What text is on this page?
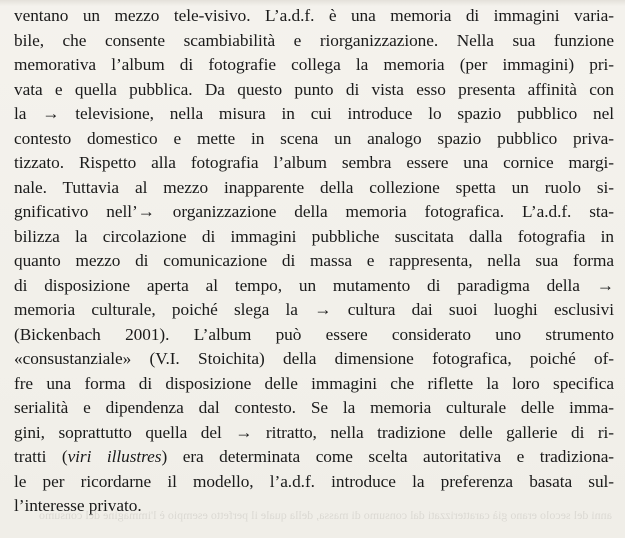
ventano un mezzo tele-visivo. L’a.d.f. è una memoria di immagini varia-
bile, che consente scambiabilità e riorganizzazione. Nella sua funzione
memorativa l’album di fotografie collega la memoria (per immagini) pri-
vata e quella pubblica. Da questo punto di vista esso presenta affinità con
la → televisione, nella misura in cui introduce lo spazio pubblico nel
contesto domestico e mette in scena un analogo spazio pubblico priva-
tizzato. Rispetto alla fotografia l’album sembra essere una cornice margi-
nale. Tuttavia al mezzo inapparente della collezione spetta un ruolo si-
gnificativo nell’→ organizzazione della memoria fotografica. L’a.d.f. sta-
bilizza la circolazione di immagini pubbliche suscitata dalla fotografia in
quanto mezzo di comunicazione di massa e rappresenta, nella sua forma
di disposizione aperta al tempo, un mutamento di paradigma della →
memoria culturale, poiché slega la → cultura dai suoi luoghi esclusivi
(Bickenbach 2001). L’album può essere considerato uno strumento
«consustanziale» (V.I. Stoichita) della dimensione fotografica, poiché of-
fre una forma di disposizione delle immagini che riflette la loro specifica
serialità e dipendenza dal contesto. Se la memoria culturale delle imma-
gini, soprattutto quella del → ritratto, nella tradizione delle gallerie di ri-
tratti (viri illustres) era determinata come scelta autoritativa e tradiziona-
le per ricordarne il modello, l’a.d.f. introduce la preferenza basata sul-
l’interesse privato.
anni del secolo erano già caratterizzati dal consumo di massa, della quale il perfetto esempio è l'immagine del consumo
